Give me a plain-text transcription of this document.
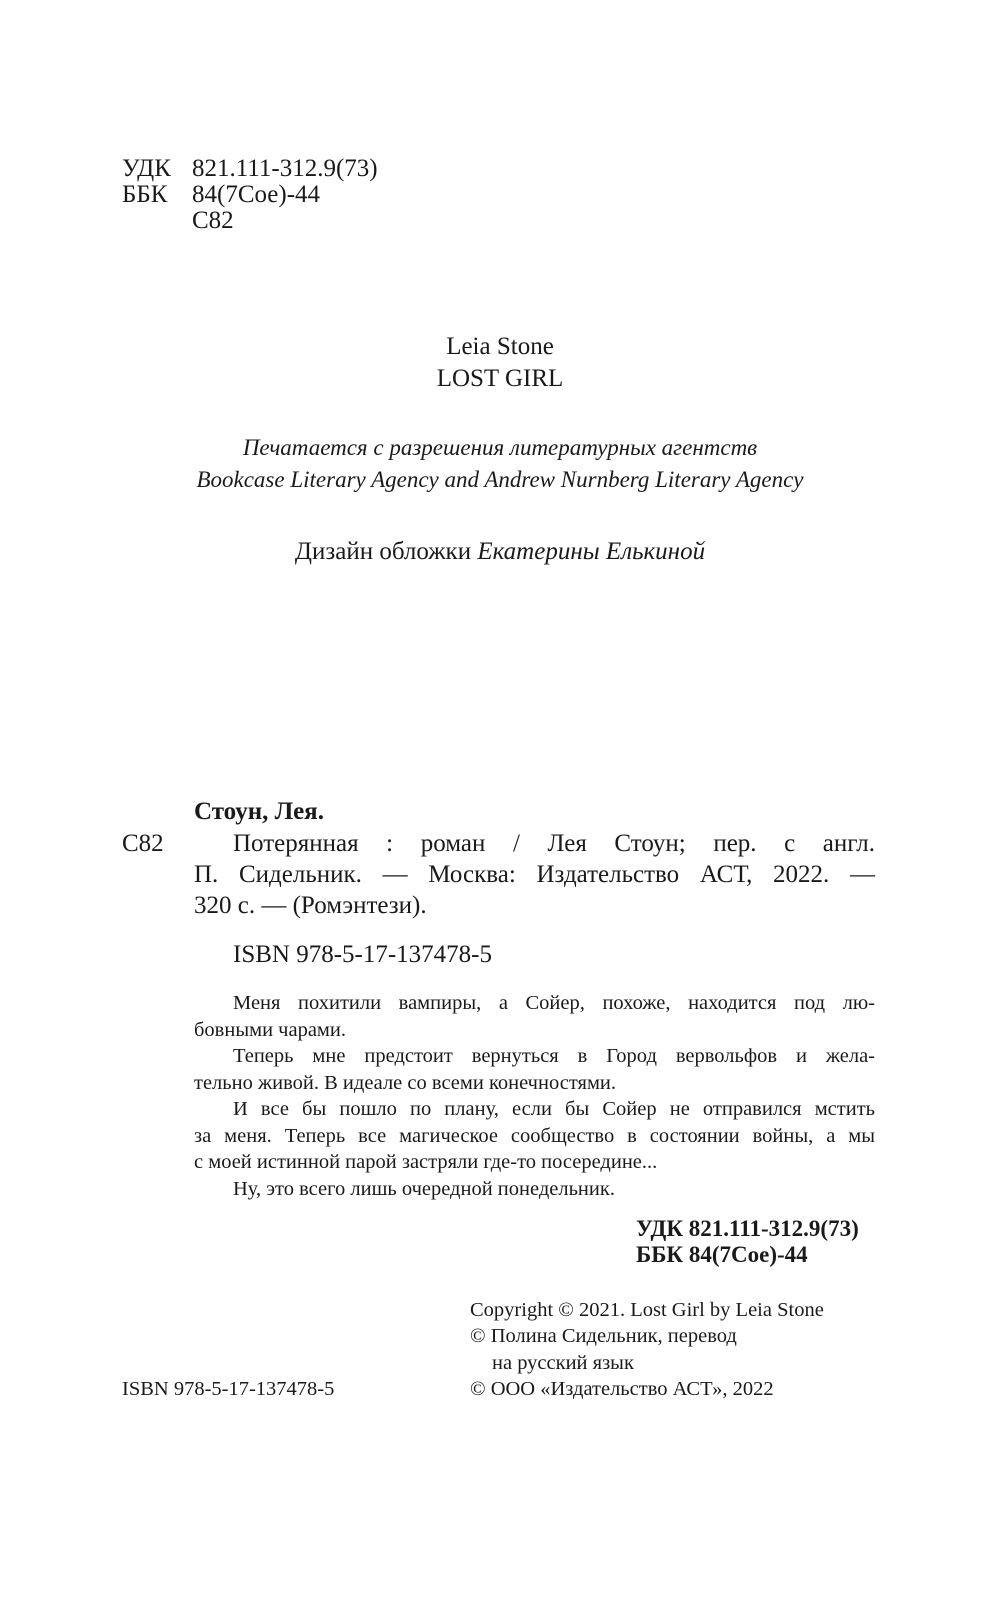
УДК 821.111-312.9(73)
ББК 84(7Сое)-44
С82
Leia Stone
LOST GIRL
Печатается с разрешения литературных агентств
Bookcase Literary Agency and Andrew Nurnberg Literary Agency
Дизайн обложки Екатерины Елькиной
Стоун, Лея.
С82	Потерянная : роман / Лея Стоун; пер. с англ.
П. Сидельник. — Москва: Издательство АСТ, 2022. —
320 с. — (Ромэнтези).
ISBN 978-5-17-137478-5
Меня похитили вампиры, а Сойер, похоже, находится под лю-
бовными чарами.
Теперь мне предстоит вернуться в Город вервольфов и жела-
тельно живой. В идеале со всеми конечностями.
И все бы пошло по плану, если бы Сойер не отправился мстить
за меня. Теперь все магическое сообщество в состоянии войны, а мы
с моей истинной парой застряли где-то посередине...
Ну, это всего лишь очередной понедельник.
УДК 821.111-312.9(73)
ББК 84(7Сое)-44
Copyright © 2021. Lost Girl by Leia Stone
© Полина Сидельник, перевод
на русский язык
© ООО «Издательство АСТ», 2022
ISBN 978-5-17-137478-5
